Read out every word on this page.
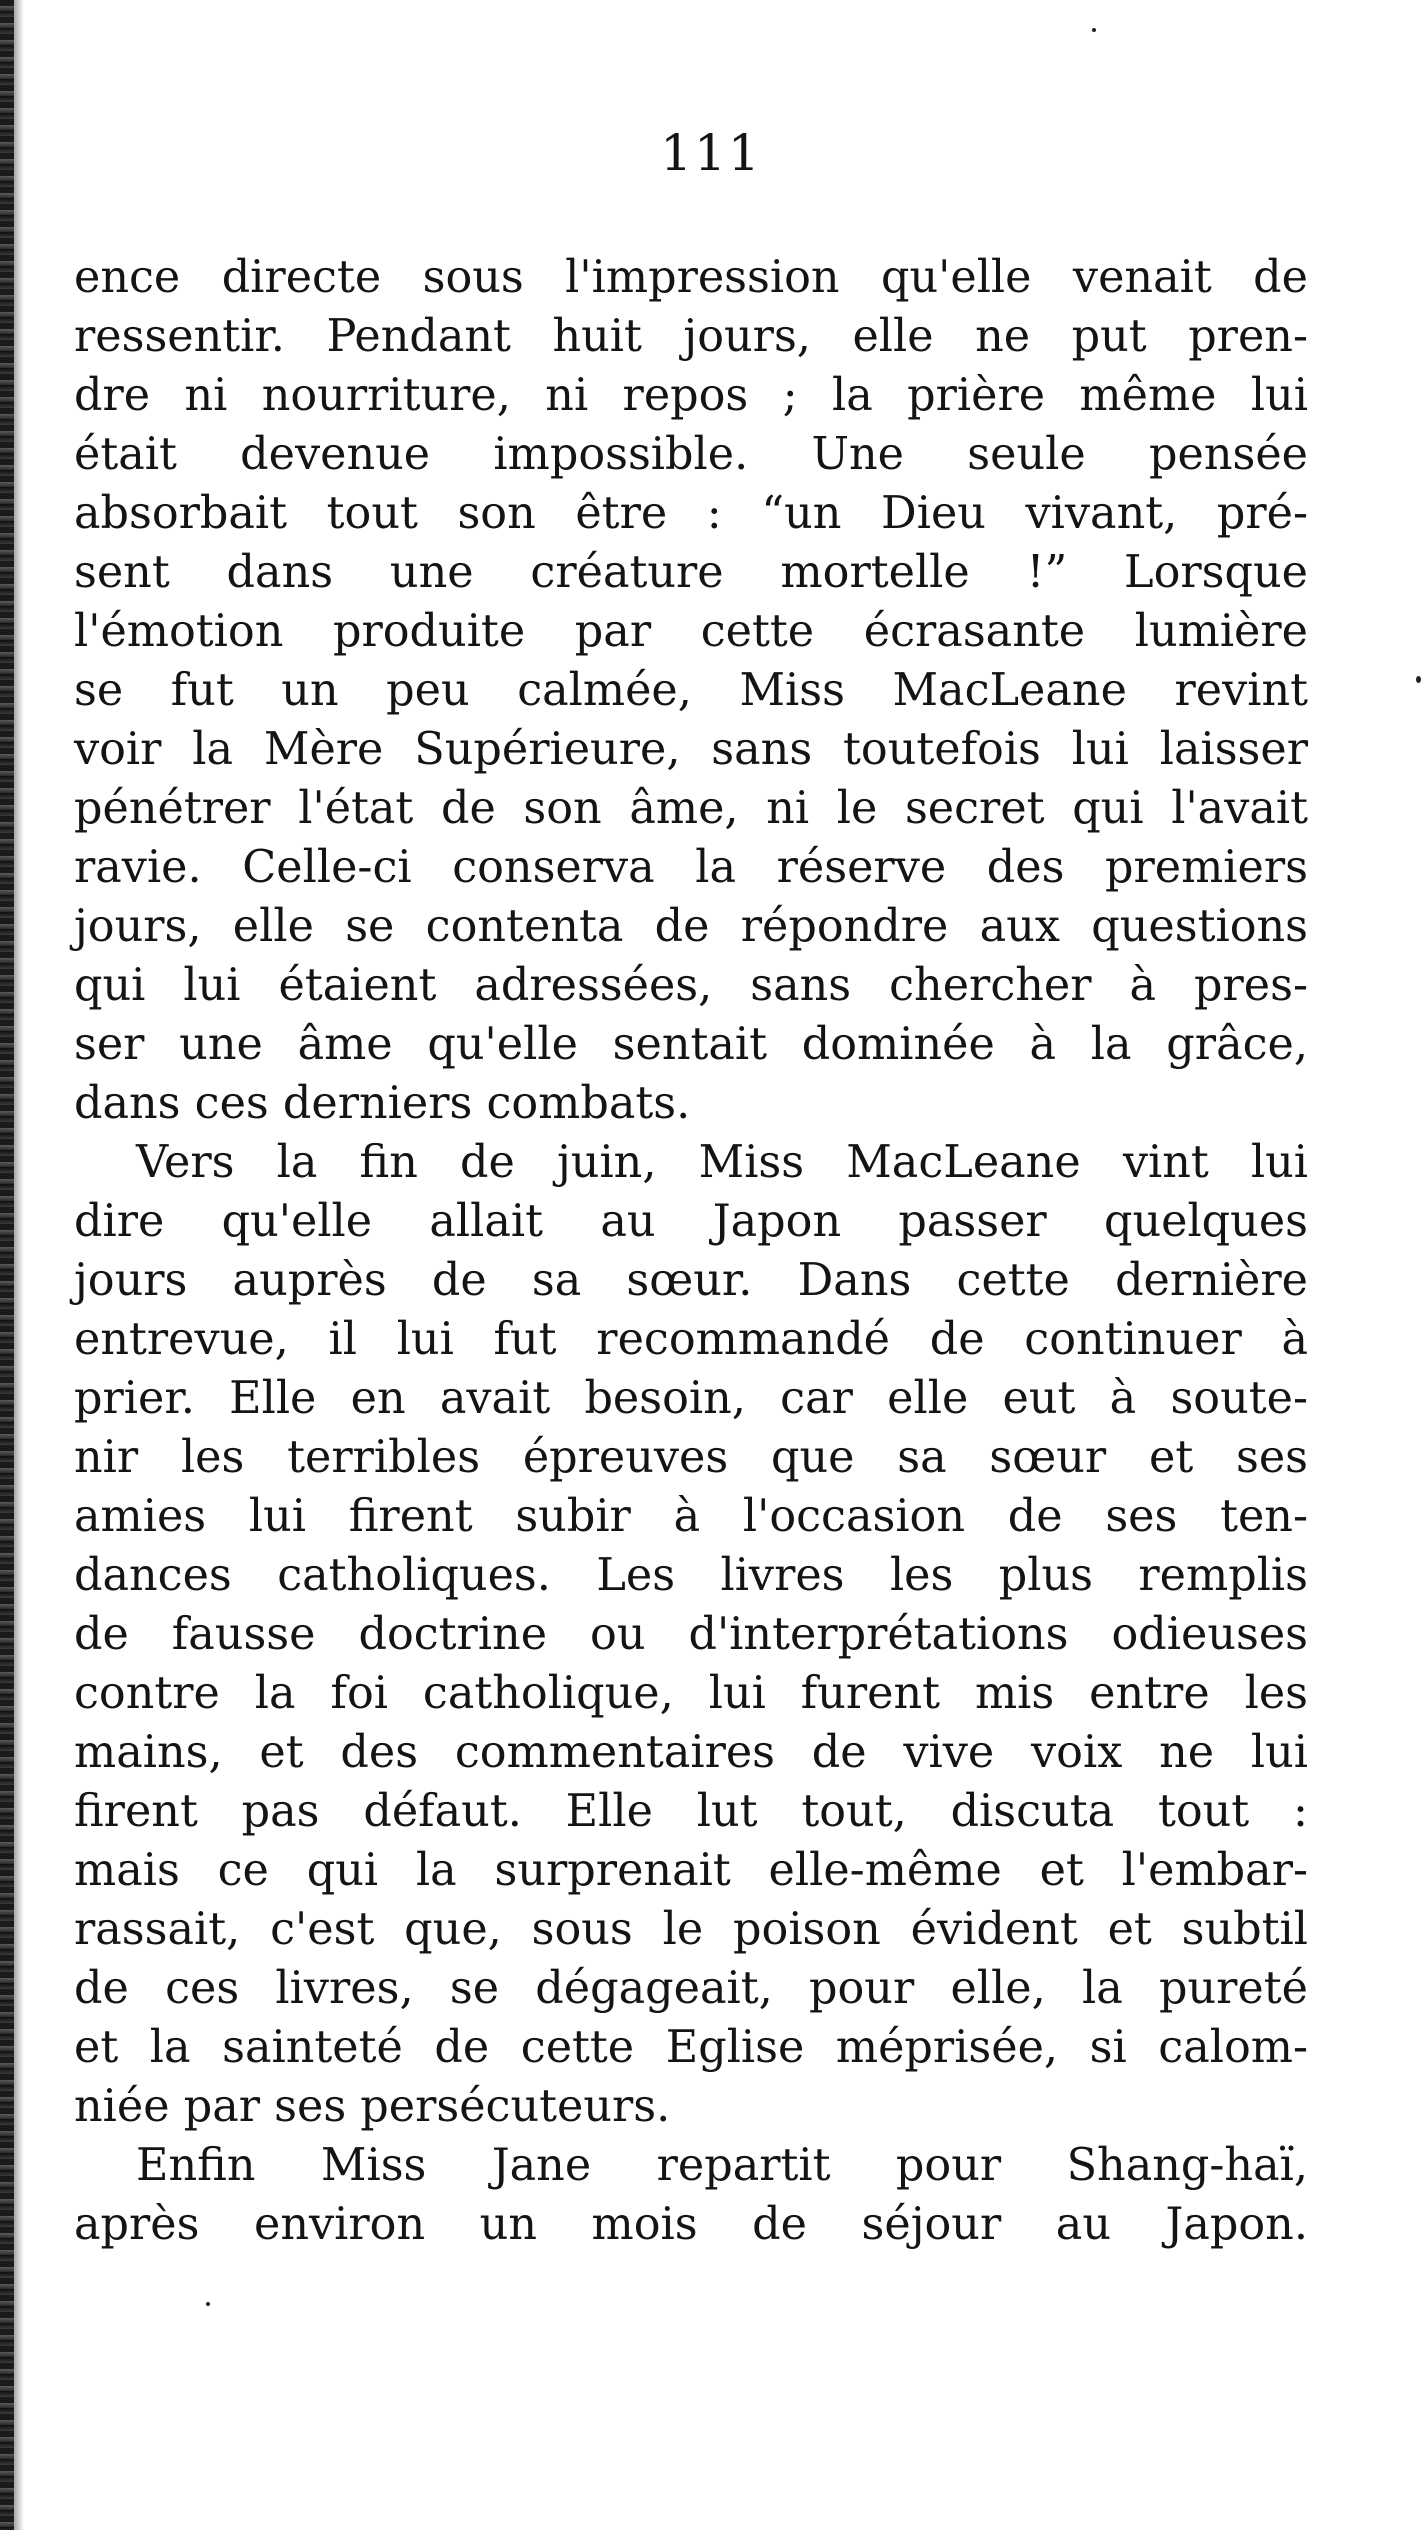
111
ence directe sous l'impression qu'elle venait de
ressentir. Pendant huit jours, elle ne put pren-
dre ni nourriture, ni repos ; la prière même lui
était devenue impossible. Une seule pensée
absorbait tout son être : “un Dieu vivant, pré-
sent dans une créature mortelle !” Lorsque
l'émotion produite par cette écrasante lumière
se fut un peu calmée, Miss MacLeane revint
voir la Mère Supérieure, sans toutefois lui laisser
pénétrer l'état de son âme, ni le secret qui l'avait
ravie. Celle-ci conserva la réserve des premiers
jours, elle se contenta de répondre aux questions
qui lui étaient adressées, sans chercher à pres-
ser une âme qu'elle sentait dominée à la grâce,
dans ces derniers combats.
Vers la fin de juin, Miss MacLeane vint lui
dire qu'elle allait au Japon passer quelques
jours auprès de sa sœur. Dans cette dernière
entrevue, il lui fut recommandé de continuer à
prier. Elle en avait besoin, car elle eut à soute-
nir les terribles épreuves que sa sœur et ses
amies lui firent subir à l'occasion de ses ten-
dances catholiques. Les livres les plus remplis
de fausse doctrine ou d'interprétations odieuses
contre la foi catholique, lui furent mis entre les
mains, et des commentaires de vive voix ne lui
firent pas défaut. Elle lut tout, discuta tout :
mais ce qui la surprenait elle-même et l'embar-
rassait, c'est que, sous le poison évident et subtil
de ces livres, se dégageait, pour elle, la pureté
et la sainteté de cette Eglise méprisée, si calom-
niée par ses persécuteurs.
Enfin Miss Jane repartit pour Shang-haï,
après environ un mois de séjour au Japon.
